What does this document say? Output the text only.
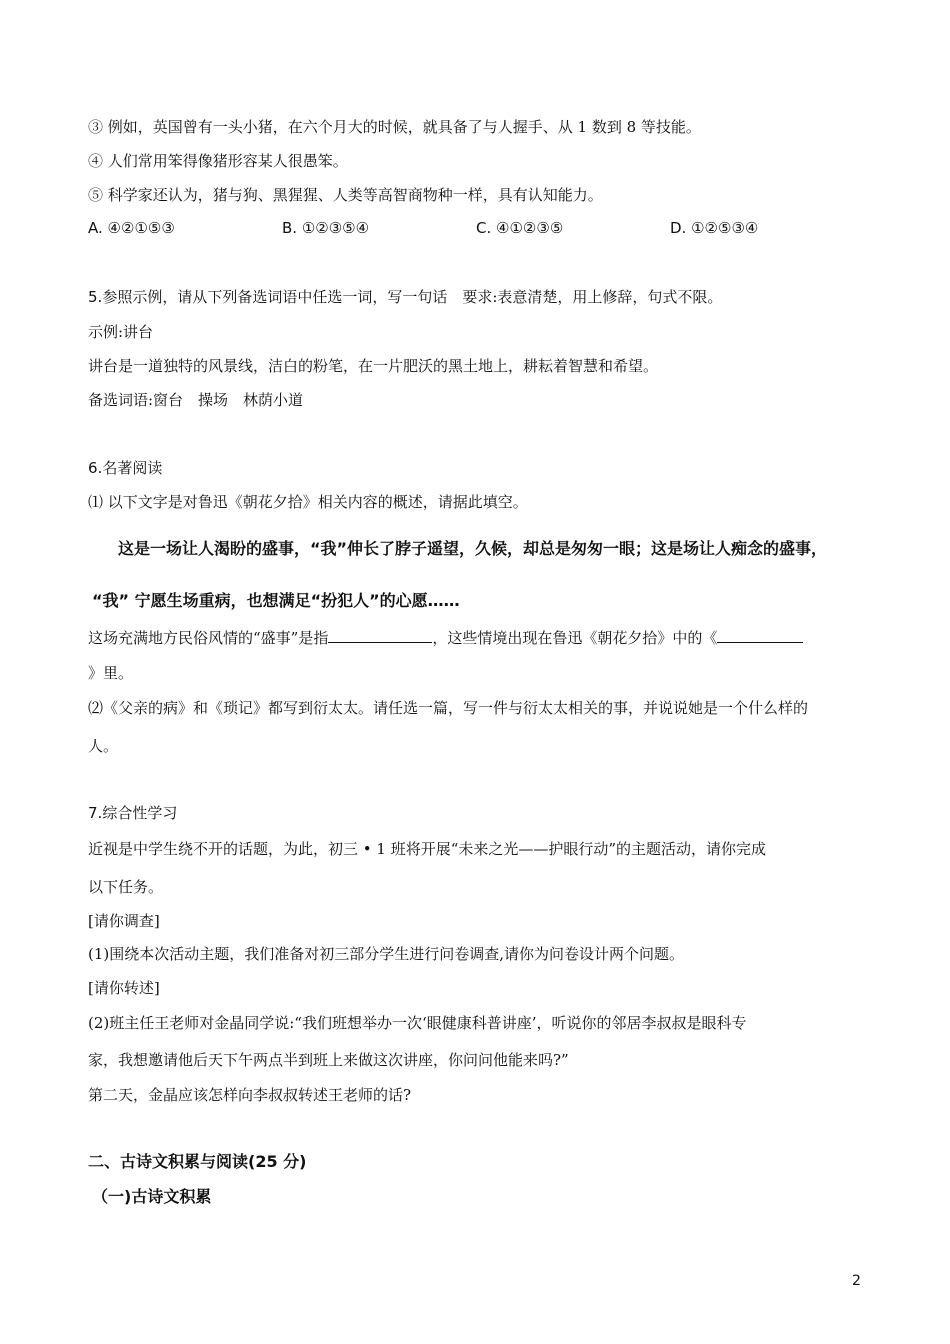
③ 例如，英国曾有一头小猪，在六个月大的时候，就具备了与人握手、从 1 数到 8 等技能。
④ 人们常用笨得像猪形容某人很愚笨。
⑤ 科学家还认为，猪与狗、黑猩猩、人类等高智商物种一样，具有认知能力。
A. ④②①⑤③	B. ①②③⑤④	C. ④①②③⑤	D. ①②⑤③④
5.参照示例，请从下列备选词语中任选一词，写一句话　要求:表意清楚，用上修辞，句式不限。
示例:讲台
讲台是一道独特的风景线，洁白的粉笔，在一片肥沃的黑土地上，耕耘着智慧和希望。
备选词语:窗台　操场　林荫小道
6.名著阅读
⑴ 以下文字是对鲁迅《朝花夕拾》相关内容的概述，请据此填空。
这是一场让人渴盼的盛事，“我”伸长了脖子遥望，久候，却总是匆匆一眼；这是场让人痴念的盛事，
“我” 宁愿生场重病，也想满足“扮犯人”的心愿……
这场充满地方民俗风情的“盛事”是指	，这些情境出现在鲁迅《朝花夕拾》中的《
》里。
⑵《父亲的病》和《琐记》都写到衍太太。请任选一篇，写一件与衍太太相关的事，并说说她是一个什么样的
人。
7.综合性学习
近视是中学生绕不开的话题，为此，初三 • 1 班将开展“未来之光——护眼行动”的主题活动，请你完成
以下任务。
[请你调查]
(1)围绕本次活动主题，我们准备对初三部分学生进行问卷调查,请你为问卷设计两个问题。
[请你转述]
(2)班主任王老师对金晶同学说:“我们班想举办一次‘眼健康科普讲座’，听说你的邻居李叔叔是眼科专
家，我想邀请他后天下午两点半到班上来做这次讲座，你问问他能来吗?”
第二天，金晶应该怎样向李叔叔转述王老师的话?
二、古诗文积累与阅读(25 分)
（一)古诗文积累
2
